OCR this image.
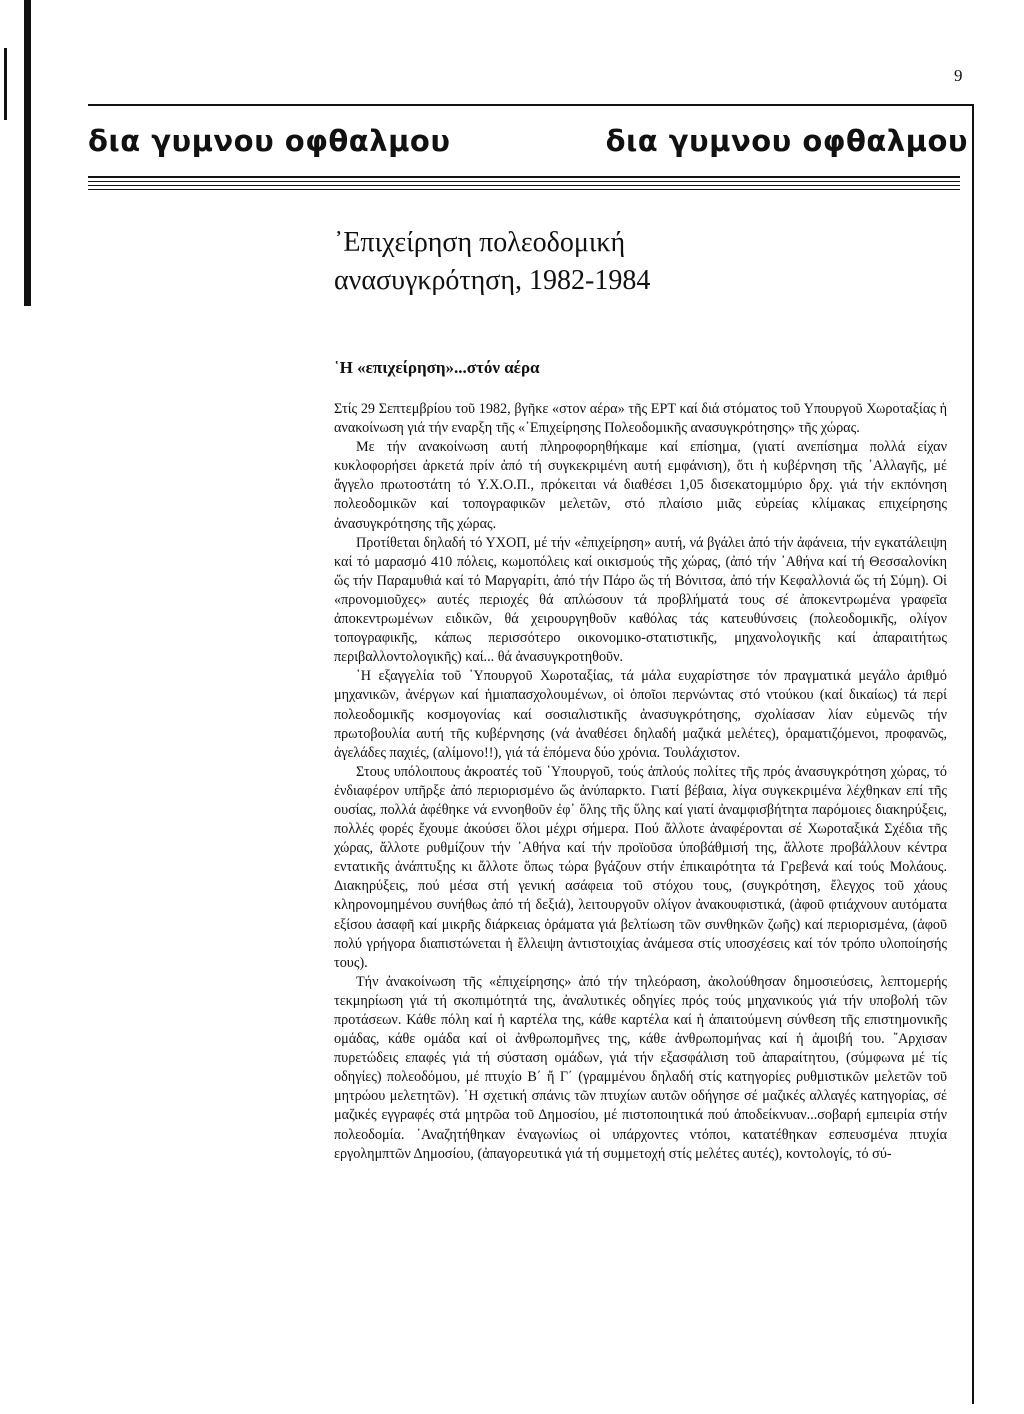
9
δια γυμνου οφθαλμου	δια γυμνου οφθαλμου
᾿Επιχείρηση πολεοδομική
ανασυγκρότηση, 1982-1984
῾Η «επιχείρηση»...στόν αέρα

Στίς 29 Σεπτεμβρίου τοῦ 1982, βγῆκε «στον αέρα» τῆς ΕΡΤ καί διά στόματος τοῦ Υπουργοῦ Χωροταξίας ἡ ανακοίνωση γιά τήν εναρξη τῆς «᾿Επιχείρησης Πολεοδομικῆς ανασυγκρότησης» τῆς χώρας.

Με τήν ανακοίνωση αυτή πληροφορηθήκαμε καί επίσημα, (γιατί ανεπίσημα πολλά είχαν κυκλοφορήσει ἀρκετά πρίν ἀπό τή συγκεκριμένη αυτή εμφάνιση), ὅτι ἡ κυβέρνηση τῆς ᾿Αλλαγῆς, μέ ἄγγελο πρωτοστάτη τό Υ.Χ.Ο.Π., πρόκειται νά διαθέσει 1,05 δισεκατομμύριο δρχ. γιά τήν εκπόνηση πολεοδομικῶν καί τοπογραφικῶν μελετῶν, στό πλαίσιο μιᾶς εὐρείας κλίμακας επιχείρησης ἀνασυγκρότησης τῆς χώρας.

Προτίθεται δηλαδή τό ΥΧΟΠ, μέ τήν «ἐπιχείρηση» αυτή, νά βγάλει ἀπό τήν ἀφάνεια, τήν εγκατάλειψη καί τό μαρασμό 410 πόλεις, κωμοπόλεις καί οικισμούς τῆς χώρας, (ἀπό τήν ᾿Αθήνα καί τή Θεσσαλονίκη ὥς τήν Παραμυθιά καί τό Μαργαρίτι, ἀπό τήν Πάρο ὥς τή Βόνιτσα, ἀπό τήν Κεφαλλονιά ὥς τή Σύμη). Οἱ «προνομιοῦχες» αυτές περιοχές θά απλώσουν τά προβλήματά τους σέ ἀποκεντρωμένα γραφεῖα ἀποκεντρωμένων ειδικῶν, θά χειρουργηθοῦν καθόλας τάς κατευθύνσεις (πολεοδομικῆς, ολίγον τοπογραφικῆς, κάπως περισσότερο οικονομικο-στατιστικῆς, μηχανολογικῆς καί ἀπαραιτήτως περιβαλλοντολογικῆς) καί... θά ἀνασυγκροτηθοῦν.

῾Η εξαγγελία τοῦ ῾Υπουργοῦ Χωροταξίας, τά μάλα ευχαρίστησε τόν πραγματικά μεγάλο ἀριθμό μηχανικῶν, ἀνέργων καί ἡμιαπασχολουμένων, οἱ ὁποῖοι περνώντας στό ντούκου (καί δικαίως) τά περί πολεοδομικῆς κοσμογονίας καί σοσιαλιστικῆς ἀνασυγκρότησης, σχολίασαν λίαν εὐμενῶς τήν πρωτοβουλία αυτή τῆς κυβέρνησης (νά ἀναθέσει δηλαδή μαζικά μελέτες), ὁραματιζόμενοι, προφανῶς, ἀγελάδες παχιές, (αλίμονο!!), γιά τά ἑπόμενα δύο χρόνια. Τουλάχιστον.

Στους υπόλοιπους ἀκροατές τοῦ ῾Υπουργοῦ, τούς ἁπλούς πολίτες τῆς πρός ἀνασυγκρότηση χώρας, τό ἐνδιαφέρον υπῆρξε ἀπό περιορισμένο ὥς ἀνύπαρκτο. Γιατί βέβαια, λίγα συγκεκριμένα λέχθηκαν επί τῆς ουσίας, πολλά ἀφέθηκε νά εννοηθοῦν ἐφ᾿ ὅλης τῆς ὕλης καί γιατί ἀναμφισβήτητα παρόμοιες διακηρύξεις, πολλές φορές ἔχουμε ἀκούσει ὅλοι μέχρι σήμερα. Πού ἄλλοτε ἀναφέρονται σέ Χωροταξικά Σχέδια τῆς χώρας, ἄλλοτε ρυθμίζουν τήν ᾿Αθήνα καί τήν προϊοῦσα ὑποβάθμισή της, ἄλλοτε προβάλλουν κέντρα εντατικῆς ἀνάπτυξης κι ἄλλοτε ὅπως τώρα βγάζουν στήν ἐπικαιρότητα τά Γρεβενά καί τούς Μολάους. Διακηρύξεις, πού μέσα στή γενική ασάφεια τοῦ στόχου τους, (συγκρότηση, ἔλεγχος τοῦ χάους κληρονομημένου συνήθως ἀπό τή δεξιά), λειτουργοῦν ολίγον ἀνακουφιστικά, (ἀφοῦ φτιάχνουν αυτόματα εξίσου ἀσαφῆ καί μικρῆς διάρκειας ὁράματα γιά βελτίωση τῶν συνθηκῶν ζωῆς) καί περιορισμένα, (ἀφοῦ πολύ γρήγορα διαπιστώνεται ἡ ἔλλειψη ἀντιστοιχίας ἀνάμεσα στίς υποσχέσεις καί τόν τρόπο υλοποίησής τους).

Τήν ἀνακοίνωση τῆς «ἐπιχείρησης» ἀπό τήν τηλεόραση, ἀκολούθησαν δημοσιεύσεις, λεπτομερής τεκμηρίωση γιά τή σκοπιμότητά της, ἀναλυτικές οδηγίες πρός τούς μηχανικούς γιά τήν υποβολή τῶν προτάσεων. Κάθε πόλη καί ἡ καρτέλα της, κάθε καρτέλα καί ἡ ἀπαιτούμενη σύνθεση τῆς επιστημονικῆς ομάδας, κάθε ομάδα καί οἱ ἀνθρωπομῆνες της, κάθε ἀνθρωπομήνας καί ἡ ἀμοιβή του. ῎Αρχισαν πυρετώδεις επαφές γιά τή σύσταση ομάδων, γιά τήν εξασφάλιση τοῦ ἀπαραίτητου, (σύμφωνα μέ τίς οδηγίες) πολεοδόμου, μέ πτυχίο Β΄ ἤ Γ΄ (γραμμένου δηλαδή στίς κατηγορίες ρυθμιστικῶν μελετῶν τοῦ μητρώου μελετητῶν). ῾Η σχετική σπάνις τῶν πτυχίων αυτῶν οδήγησε σέ μαζικές αλλαγές κατηγορίας, σέ μαζικές εγγραφές στά μητρῶα τοῦ Δημοσίου, μέ πιστοποιητικά πού ἀποδείκνυαν...σοβαρή εμπειρία στήν πολεοδομία. ᾿Αναζητήθηκαν ἐναγωνίως οἱ υπάρχοντες ντόποι, κατατέθηκαν εσπευσμένα πτυχία εργολημπτῶν Δημοσίου, (ἀπαγορευτικά γιά τή συμμετοχή στίς μελέτες αυτές), κοντολογίς, τό σύ-
